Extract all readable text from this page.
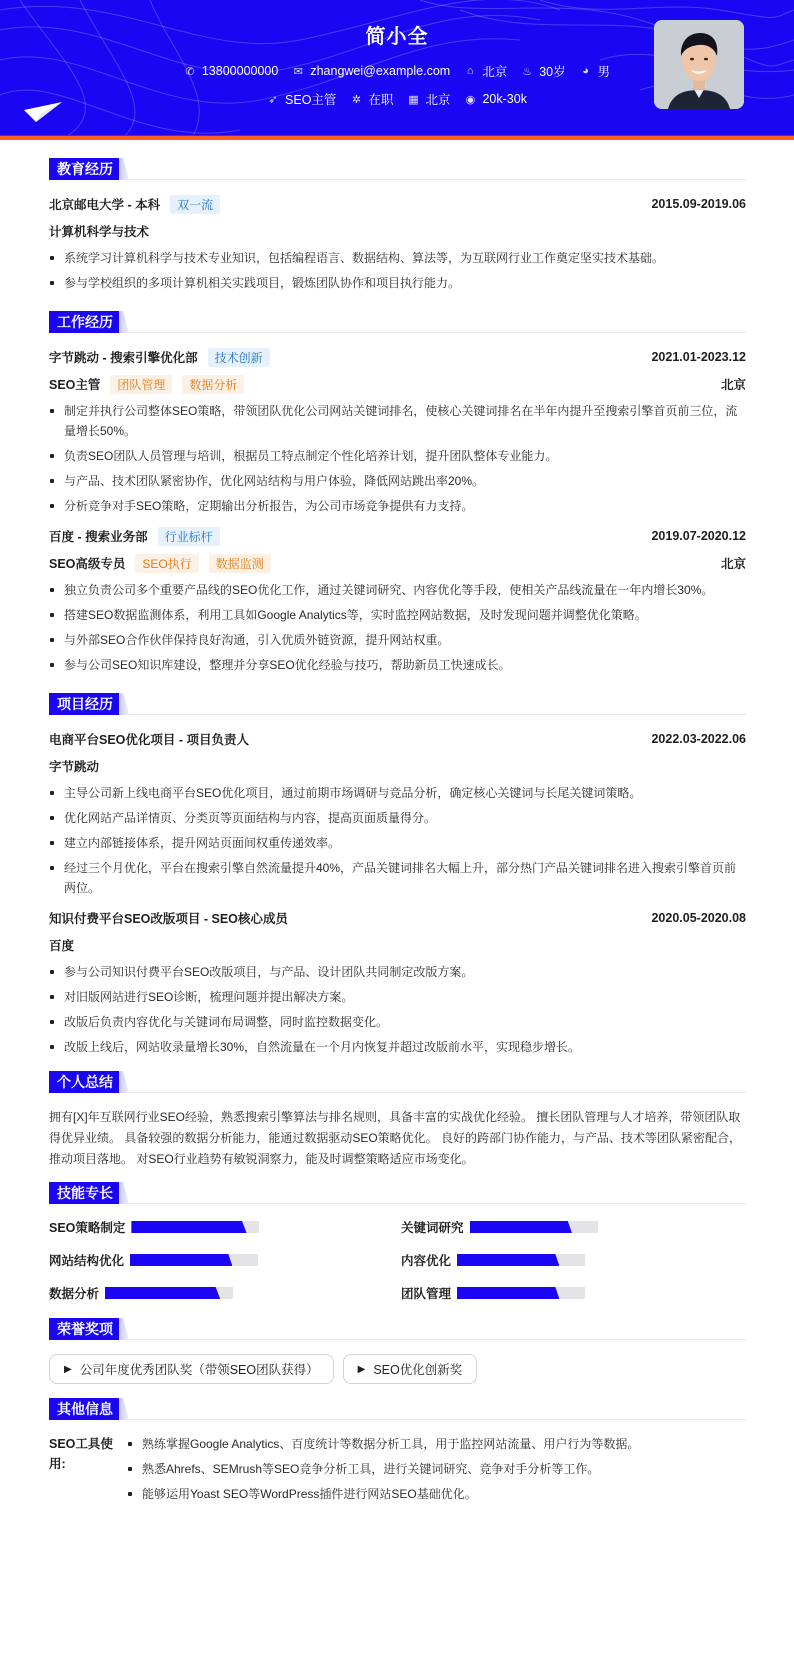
简小全
✆ 13800000000 ✉ zhangwei@example.com ⌂ 北京 ♨ 30岁 ◕ 男
➶ SEO主管 ✲ 在职 ▦ 北京 ◉ 20k-30k
教育经历
北京邮电大学 - 本科	双一流	2015.09-2019.06
计算机科学与技术
系统学习计算机科学与技术专业知识，包括编程语言、数据结构、算法等，为互联网行业工作奠定坚实技术基础。
参与学校组织的多项计算机相关实践项目，锻炼团队协作和项目执行能力。
工作经历
字节跳动 - 搜索引擎优化部	技术创新	2021.01-2023.12
SEO主管	团队管理	数据分析	北京
制定并执行公司整体SEO策略，带领团队优化公司网站关键词排名，使核心关键词排名在半年内提升至搜索引擎首页前三位，流量增长50%。
负责SEO团队人员管理与培训，根据员工特点制定个性化培养计划，提升团队整体专业能力。
与产品、技术团队紧密协作，优化网站结构与用户体验，降低网站跳出率20%。
分析竞争对手SEO策略，定期输出分析报告，为公司市场竞争提供有力支持。
百度 - 搜索业务部	行业标杆	2019.07-2020.12
SEO高级专员	SEO执行	数据监测	北京
独立负责公司多个重要产品线的SEO优化工作，通过关键词研究、内容优化等手段，使相关产品线流量在一年内增长30%。
搭建SEO数据监测体系，利用工具如Google Analytics等，实时监控网站数据，及时发现问题并调整优化策略。
与外部SEO合作伙伴保持良好沟通，引入优质外链资源，提升网站权重。
参与公司SEO知识库建设，整理并分享SEO优化经验与技巧，帮助新员工快速成长。
项目经历
电商平台SEO优化项目 - 项目负责人	2022.03-2022.06
字节跳动
主导公司新上线电商平台SEO优化项目，通过前期市场调研与竞品分析，确定核心关键词与长尾关键词策略。
优化网站产品详情页、分类页等页面结构与内容，提高页面质量得分。
建立内部链接体系，提升网站页面间权重传递效率。
经过三个月优化，平台在搜索引擎自然流量提升40%，产品关键词排名大幅上升，部分热门产品关键词排名进入搜索引擎首页前两位。
知识付费平台SEO改版项目 - SEO核心成员	2020.05-2020.08
百度
参与公司知识付费平台SEO改版项目，与产品、设计团队共同制定改版方案。
对旧版网站进行SEO诊断，梳理问题并提出解决方案。
改版后负责内容优化与关键词布局调整，同时监控数据变化。
改版上线后，网站收录量增长30%，自然流量在一个月内恢复并超过改版前水平，实现稳步增长。
个人总结

拥有[X]年互联网行业SEO经验，熟悉搜索引擎算法与排名规则，具备丰富的实战优化经验。 擅长团队管理与人才培养，带领团队取得优异业绩。 具备较强的数据分析能力，能通过数据驱动SEO策略优化。 良好的跨部门协作能力，与产品、技术等团队紧密配合，推动项目落地。 对SEO行业趋势有敏锐洞察力，能及时调整策略适应市场变化。

技能专长
SEO策略制定	关键词研究
网站结构优化	内容优化
数据分析	团队管理
荣誉奖项
▶ 公司年度优秀团队奖（带领SEO团队获得）	▶ SEO优化创新奖
其他信息
SEO工具使用:
熟练掌握Google Analytics、百度统计等数据分析工具，用于监控网站流量、用户行为等数据。
熟悉Ahrefs、SEMrush等SEO竞争分析工具，进行关键词研究、竞争对手分析等工作。
能够运用Yoast SEO等WordPress插件进行网站SEO基础优化。
